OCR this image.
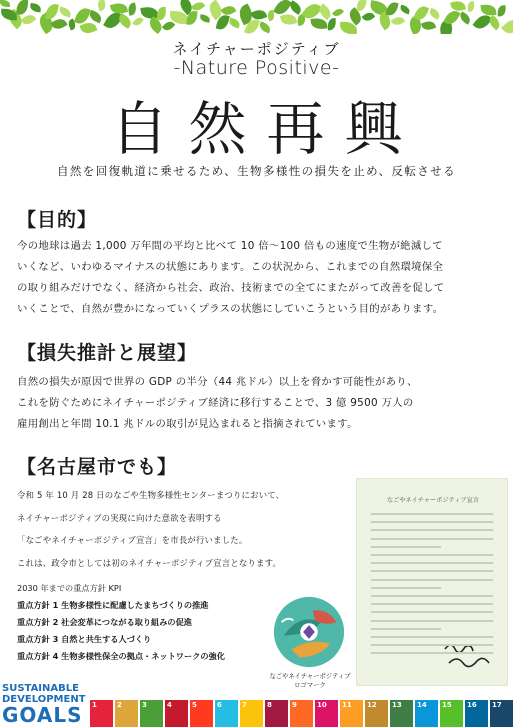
ネイチャーポジティブ
-Nature Positive-
自然再興
自然を回復軌道に乗せるため、生物多様性の損失を止め、反転させる
【目的】
今の地球は過去 1,000 万年間の平均と比べて 10 倍～100 倍もの速度で生物が絶滅して
いくなど、いわゆるマイナスの状態にあります。この状況から、これまでの自然環境保全
の取り組みだけでなく、経済から社会、政治、技術までの全てにまたがって改善を促して
いくことで、自然が豊かになっていくプラスの状態にしていこうという目的があります。
【損失推計と展望】
自然の損失が原因で世界の GDP の半分（44 兆ドル）以上を脅かす可能性があり、
これを防ぐためにネイチャーポジティブ経済に移行することで、3 億 9500 万人の
雇用創出と年間 10.1 兆ドルの取引が見込まれると指摘されています。
【名古屋市でも】
令和 5 年 10 月 28 日のなごや生物多様性センターまつりにおいて、
ネイチャーポジティブの実現に向けた意欲を表明する
「なごやネイチャーポジティブ宣言」を市長が行いました。
これは、政令市としては初のネイチャーポジティブ宣言となります。
2030 年までの重点方針 KPI
重点方針 1 生物多様性に配慮したまちづくりの推進
重点方針 2 社会変革につながる取り組みの促進
重点方針 3 自然と共生する人づくり
重点方針 4 生物多様性保全の拠点・ネットワークの強化
なごやネイチャーポジティブ
ロゴマーク
なごやネイチャーポジティブ宣言
SUSTAINABLE
DEVELOPMENT
GOALS	1	2	3	4	5	6	7	8	9	10	11	12	13	14	15	16	17
